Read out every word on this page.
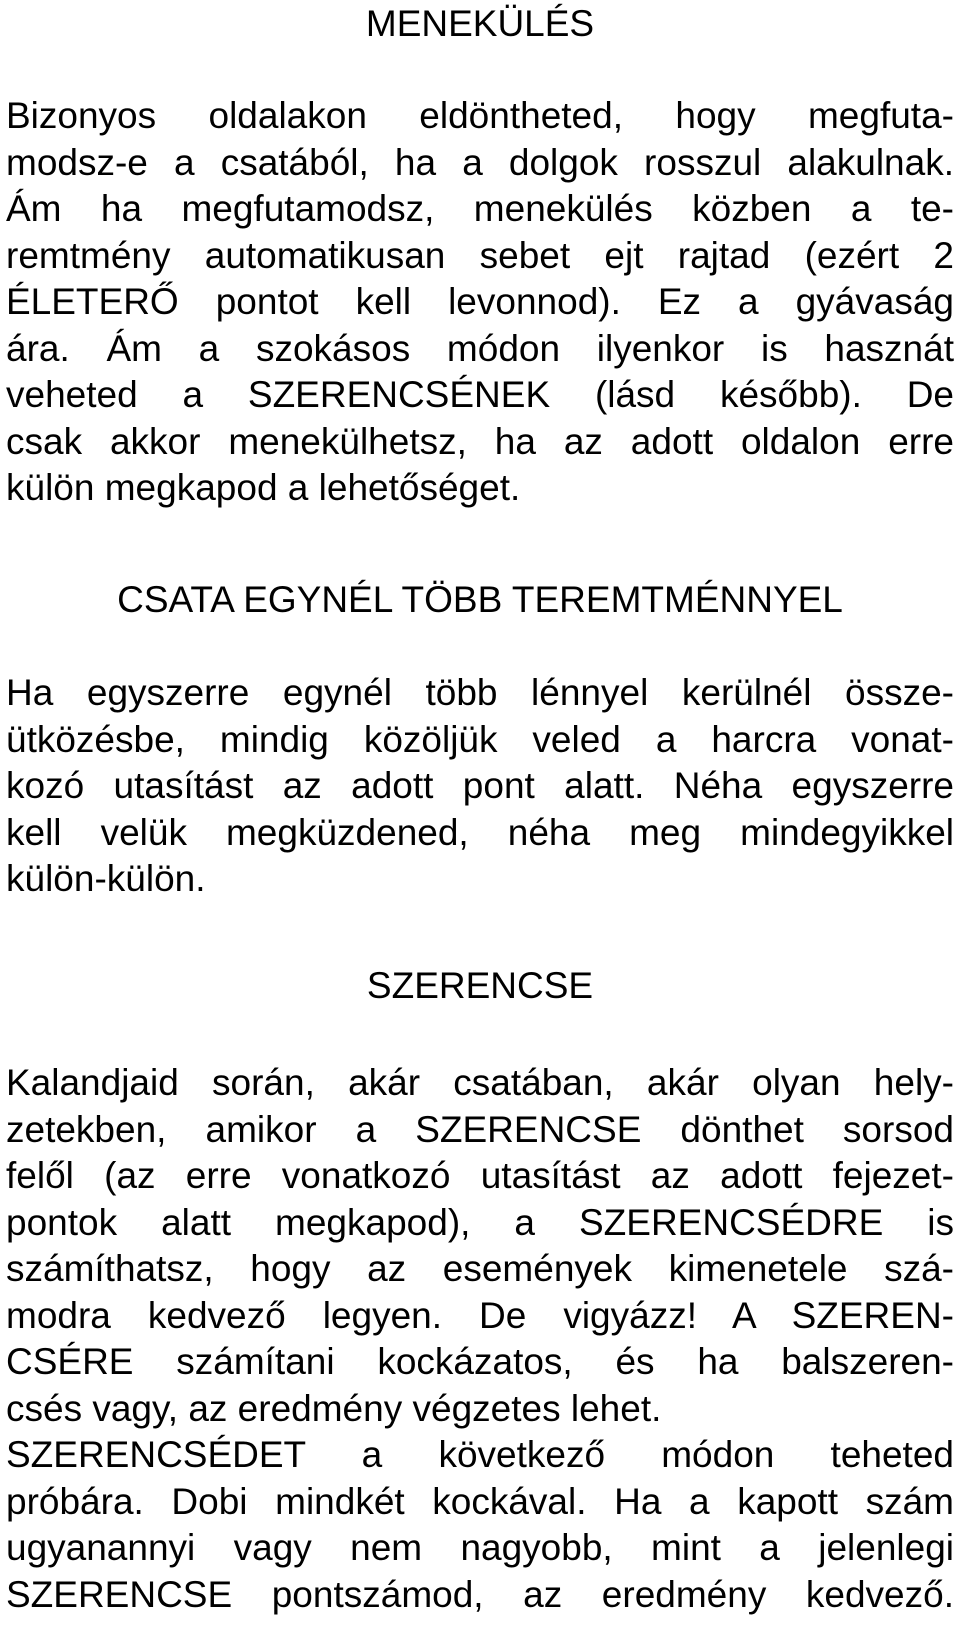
MENEKÜLÉS
Bizonyos oldalakon eldöntheted, hogy megfuta-
modsz-e a csatából, ha a dolgok rosszul alakulnak.
Ám ha megfutamodsz, menekülés közben a te-
remtmény automatikusan sebet ejt rajtad (ezért 2
ÉLETERŐ pontot kell levonnod). Ez a gyávaság
ára. Ám a szokásos módon ilyenkor is hasznát
veheted a SZERENCSÉNEK (lásd később). De
csak akkor menekülhetsz, ha az adott oldalon erre
külön megkapod a lehetőséget.
CSATA EGYNÉL TÖBB TEREMTMÉNNYEL
Ha egyszerre egynél több lénnyel kerülnél össze-
ütközésbe, mindig közöljük veled a harcra vonat-
kozó utasítást az adott pont alatt. Néha egyszerre
kell velük megküzdened, néha meg mindegyikkel
külön-külön.
SZERENCSE
Kalandjaid során, akár csatában, akár olyan hely-
zetekben, amikor a SZERENCSE dönthet sorsod
felől (az erre vonatkozó utasítást az adott fejezet-
pontok alatt megkapod), a SZERENCSÉDRE is
számíthatsz, hogy az események kimenetele szá-
modra kedvező legyen. De vigyázz! A SZEREN-
CSÉRE számítani kockázatos, és ha balszeren-
csés vagy, az eredmény végzetes lehet.
SZERENCSÉDET a következő módon teheted
próbára. Dobi mindkét kockával. Ha a kapott szám
ugyanannyi vagy nem nagyobb, mint a jelenlegi
SZERENCSE pontszámod, az eredmény kedvező.
